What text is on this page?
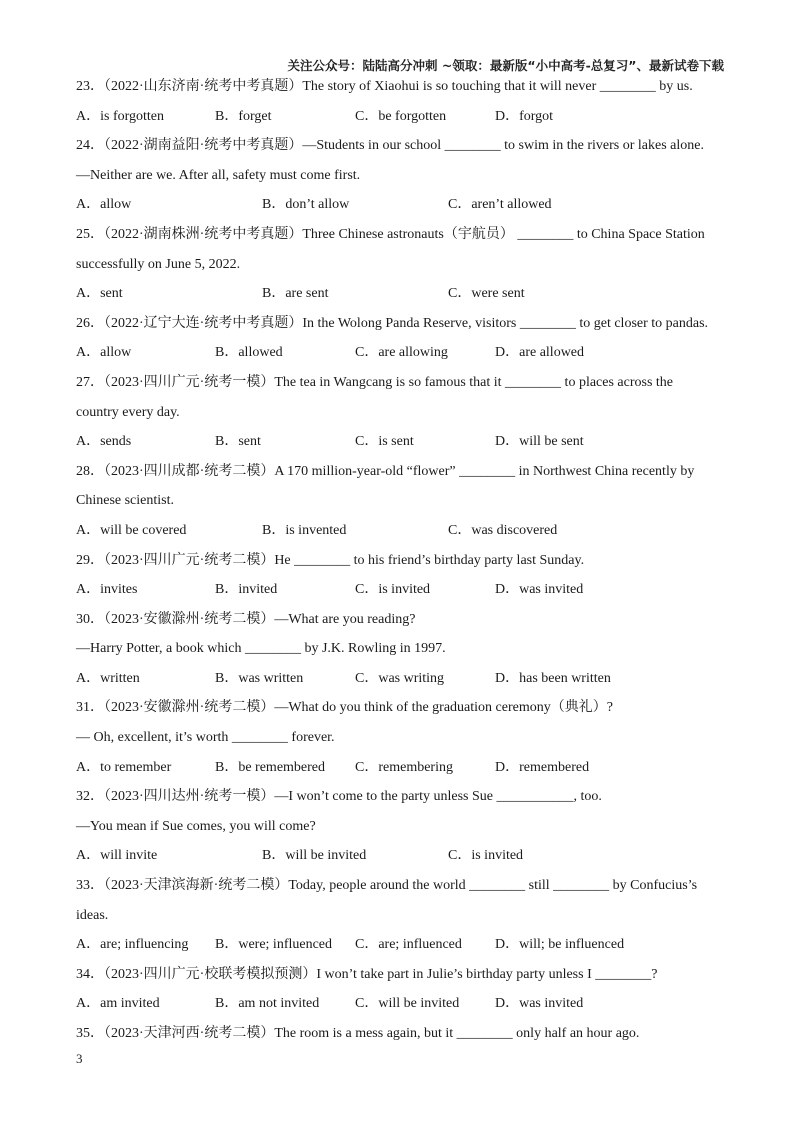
关注公众号：陆陆高分冲刺 ~领取：最新版“小中高考-总复习”、最新试卷下载
23．（2022·山东济南·统考中考真题）The story of Xiaohui is so touching that it will never ________ by us.
A．is forgotten	B．forget	C．be forgotten	D．forgot
24．（2022·湖南益阳·统考中考真题）—Students in our school ________ to swim in the rivers or lakes alone.
—Neither are we. After all, safety must come first.
A．allow	B．don’t allow	C．aren’t allowed
25．（2022·湖南株洲·统考中考真题）Three Chinese astronauts（宇航员） ________ to China Space Station
successfully on June 5, 2022.
A．sent	B．are sent	C．were sent
26．（2022·辽宁大连·统考中考真题）In the Wolong Panda Reserve, visitors ________ to get closer to pandas.
A．allow	B．allowed	C．are allowing	D．are allowed
27．（2023·四川广元·统考一模）The tea in Wangcang is so famous that it ________ to places across the
country every day.
A．sends	B．sent	C．is sent	D．will be sent
28．（2023·四川成都·统考二模）A 170 million-year-old “flower” ________ in Northwest China recently by
Chinese scientist.
A．will be covered	B．is invented	C．was discovered
29．（2023·四川广元·统考二模）He ________ to his friend’s birthday party last Sunday.
A．invites	B．invited	C．is invited	D．was invited
30．（2023·安徽滁州·统考二模）—What are you reading?
—Harry Potter, a book which ________ by J.K. Rowling in 1997.
A．written	B．was written	C．was writing	D．has been written
31．（2023·安徽滁州·统考二模）—What do you think of the graduation ceremony（典礼）?
— Oh, excellent, it’s worth ________ forever.
A．to remember	B．be remembered C．remembering	D．remembered
32．（2023·四川达州·统考一模）—I won’t come to the party unless Sue ___________, too.
—You mean if Sue comes, you will come?
A．will invite	B．will be invited	C．is invited
33．（2023·天津滨海新·统考二模）Today, people around the world ________ still ________ by Confucius’s
ideas.
A．are; influencing B．were; influenced C．are; influenced D．will; be influenced
34．（2023·四川广元·校联考模拟预测）I won’t take part in Julie’s birthday party unless I ________?
A．am invited	B．am not invited	C．will be invited	D．was invited
35．（2023·天津河西·统考二模）The room is a mess again, but it ________ only half an hour ago.
3
